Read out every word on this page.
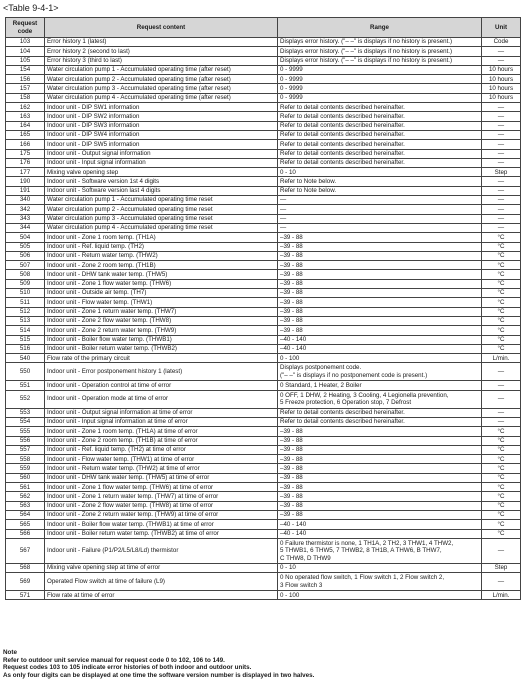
<Table 9-4-1>
Request code	Request content	Range	Unit
103	Error history 1 (latest)	Displays error history. ("– –" is displays if no history is present.)	Code
104	Error history 2 (second to last)	Displays error history. ("– –" is displays if no history is present.)	—
105	Error history 3 (third to last)	Displays error history. ("– –" is displays if no history is present.)	—
154	Water circulation pump 1 - Accumulated operating time (after reset)	0 - 9999	10 hours
156	Water circulation pump 2 - Accumulated operating time (after reset)	0 - 9999	10 hours
157	Water circulation pump 3 - Accumulated operating time (after reset)	0 - 9999	10 hours
158	Water circulation pump 4 - Accumulated operating time (after reset)	0 - 9999	10 hours
162	Indoor unit - DIP SW1 information	Refer to detail contents described hereinafter.	—
163	Indoor unit - DIP SW2 information	Refer to detail contents described hereinafter.	—
164	Indoor unit - DIP SW3 information	Refer to detail contents described hereinafter.	—
165	Indoor unit - DIP SW4 information	Refer to detail contents described hereinafter.	—
166	Indoor unit - DIP SW5 information	Refer to detail contents described hereinafter.	—
175	Indoor unit - Output signal information	Refer to detail contents described hereinafter.	—
176	Indoor unit - Input signal information	Refer to detail contents described hereinafter.	—
177	Mixing valve opening step	0 - 10	Step
190	Indoor unit - Software version 1st 4 digits	Refer to Note below.	—
191	Indoor unit - Software version last 4 digits	Refer to Note below.	—
340	Water circulation pump 1 - Accumulated operating time reset	—	—
342	Water circulation pump 2 - Accumulated operating time reset	—	—
343	Water circulation pump 3 - Accumulated operating time reset	—	—
344	Water circulation pump 4 - Accumulated operating time reset	—	—
504	Indoor unit - Zone 1 room temp. (TH1A)	–39 - 88	°C
505	Indoor unit - Ref. liquid temp. (TH2)	–39 - 88	°C
506	Indoor unit - Return water temp. (THW2)	–39 - 88	°C
507	Indoor unit - Zone 2 room temp. (TH1B)	–39 - 88	°C
508	Indoor unit - DHW tank water temp. (THW5)	–39 - 88	°C
509	Indoor unit - Zone 1 flow water temp. (THW6)	–39 - 88	°C
510	Indoor unit - Outside air temp. (TH7)	–39 - 88	°C
511	Indoor unit - Flow water temp. (THW1)	–39 - 88	°C
512	Indoor unit - Zone 1 return water temp. (THW7)	–39 - 88	°C
513	Indoor unit - Zone 2 flow water temp. (THW8)	–39 - 88	°C
514	Indoor unit - Zone 2 return water temp. (THW9)	–39 - 88	°C
515	Indoor unit - Boiler flow water temp. (THWB1)	–40 - 140	°C
516	Indoor unit - Boiler return water temp. (THWB2)	–40 - 140	°C
540	Flow rate of the primary circuit	0 - 100	L/min.
550	Indoor unit - Error postponement history 1 (latest)	Displays postponement code.
("– –" is displays if no postponement code is present.)	—
551	Indoor unit - Operation control at time of error	0 Standard, 1 Heater, 2 Boiler	—
552	Indoor unit - Operation mode at time of error	0 OFF, 1 DHW, 2 Heating, 3 Cooling, 4 Legionella prevention,
5 Freeze protection, 6 Operation stop, 7 Defrost	—
553	Indoor unit - Output signal information at time of error	Refer to detail contents described hereinafter.	—
554	Indoor unit - Input signal information at time of error	Refer to detail contents described hereinafter.	—
555	Indoor unit - Zone 1 room temp. (TH1A) at time of error	–39 - 88	°C
556	Indoor unit - Zone 2 room temp. (TH1B) at time of error	–39 - 88	°C
557	Indoor unit - Ref. liquid temp. (TH2) at time of error	–39 - 88	°C
558	Indoor unit - Flow water temp. (THW1) at time of error	–39 - 88	°C
559	Indoor unit - Return water temp. (THW2) at time of error	–39 - 88	°C
560	Indoor unit - DHW tank water temp. (THW5) at time of error	–39 - 88	°C
561	Indoor unit - Zone 1 flow water temp. (THW6) at time of error	–39 - 88	°C
562	Indoor unit - Zone 1 return water temp. (THW7) at time of error	–39 - 88	°C
563	Indoor unit - Zone 2 flow water temp. (THW8) at time of error	–39 - 88	°C
564	Indoor unit - Zone 2 return water temp. (THW9) at time of error	–39 - 88	°C
565	Indoor unit - Boiler flow water temp. (THWB1) at time of error	–40 - 140	°C
566	Indoor unit - Boiler return water temp. (THWB2) at time of error	–40 - 140	°C
567	Indoor unit - Failure (P1/P2/L5/L8/Ld) thermistor	0 Failure thermistor is none, 1 TH1A, 2 TH2, 3 THW1, 4 THW2,
5 THWB1, 6 THW5, 7 THWB2, 8 TH1B, A THW6, B THW7,
C THW8, D THW9	—
568	Mixing valve opening step at time of error	0 - 10	Step
569	Operated Flow switch at time of failure (L9)	0 No operated flow switch, 1 Flow switch 1, 2 Flow switch 2,
3 Flow switch 3	—
571	Flow rate at time of error	0 - 100	L/min.
Note
Refer to outdoor unit service manual for request code 0 to 102, 106 to 149.
Request codes 103 to 105 indicate error histories of both indoor and outdoor units.
As only four digits can be displayed at one time the software version number is displayed in two halves.
